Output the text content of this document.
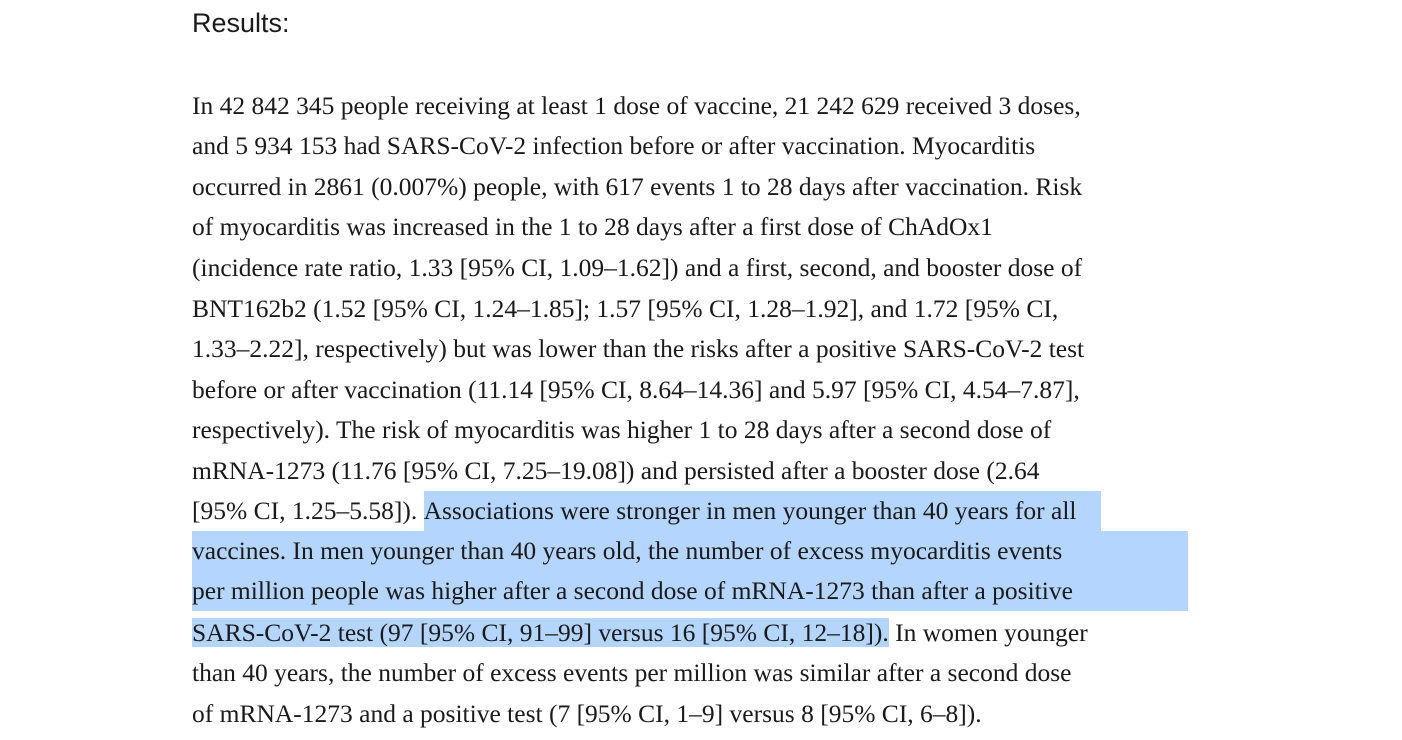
Results:
In 42 842 345 people receiving at least 1 dose of vaccine, 21 242 629 received 3 doses,
and 5 934 153 had SARS-CoV-2 infection before or after vaccination. Myocarditis
occurred in 2861 (0.007%) people, with 617 events 1 to 28 days after vaccination. Risk
of myocarditis was increased in the 1 to 28 days after a first dose of ChAdOx1
(incidence rate ratio, 1.33 [95% CI, 1.09–1.62]) and a first, second, and booster dose of
BNT162b2 (1.52 [95% CI, 1.24–1.85]; 1.57 [95% CI, 1.28–1.92], and 1.72 [95% CI,
1.33–2.22], respectively) but was lower than the risks after a positive SARS-CoV-2 test
before or after vaccination (11.14 [95% CI, 8.64–14.36] and 5.97 [95% CI, 4.54–7.87],
respectively). The risk of myocarditis was higher 1 to 28 days after a second dose of
mRNA-1273 (11.76 [95% CI, 7.25–19.08]) and persisted after a booster dose (2.64
[95% CI, 1.25–5.58]). Associations were stronger in men younger than 40 years for all
vaccines. In men younger than 40 years old, the number of excess myocarditis events
per million people was higher after a second dose of mRNA-1273 than after a positive
SARS-CoV-2 test (97 [95% CI, 91–99] versus 16 [95% CI, 12–18]). In women younger
than 40 years, the number of excess events per million was similar after a second dose
of mRNA-1273 and a positive test (7 [95% CI, 1–9] versus 8 [95% CI, 6–8]).
